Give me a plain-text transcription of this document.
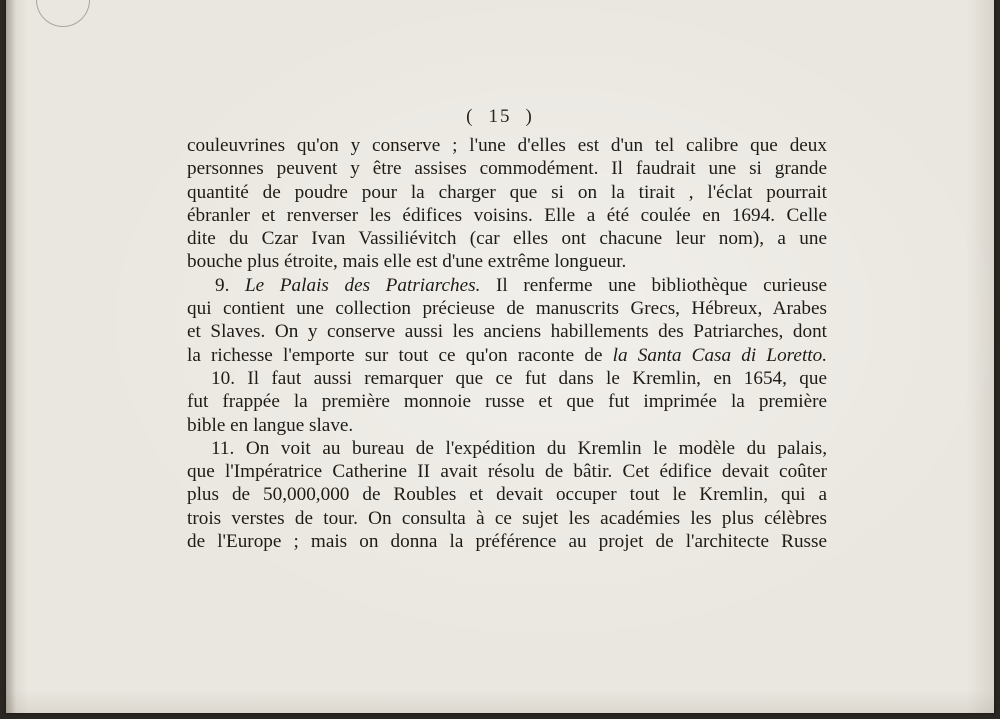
( 15 )
couleuvrines qu'on y conserve ; l'une d'elles est d'un tel calibre que deux
personnes peuvent y être assises commodément. Il faudrait une si grande
quantité de poudre pour la charger que si on la tirait , l'éclat pourrait
ébranler et renverser les édifices voisins. Elle a été coulée en 1694. Celle
dite du Czar Ivan Vassiliévitch (car elles ont chacune leur nom), a une
bouche plus étroite, mais elle est d'une extrême longueur.
9. Le Palais des Patriarches. Il renferme une bibliothèque curieuse
qui contient une collection précieuse de manuscrits Grecs, Hébreux, Arabes
et Slaves. On y conserve aussi les anciens habillements des Patriarches, dont
la richesse l'emporte sur tout ce qu'on raconte de la Santa Casa di Loretto.
10. Il faut aussi remarquer que ce fut dans le Kremlin, en 1654, que
fut frappée la première monnoie russe et que fut imprimée la première
bible en langue slave.
11. On voit au bureau de l'expédition du Kremlin le modèle du palais,
que l'Impératrice Catherine II avait résolu de bâtir. Cet édifice devait coûter
plus de 50,000,000 de Roubles et devait occuper tout le Kremlin, qui a
trois verstes de tour. On consulta à ce sujet les académies les plus célèbres
de l'Europe ; mais on donna la préférence au projet de l'architecte Russe
